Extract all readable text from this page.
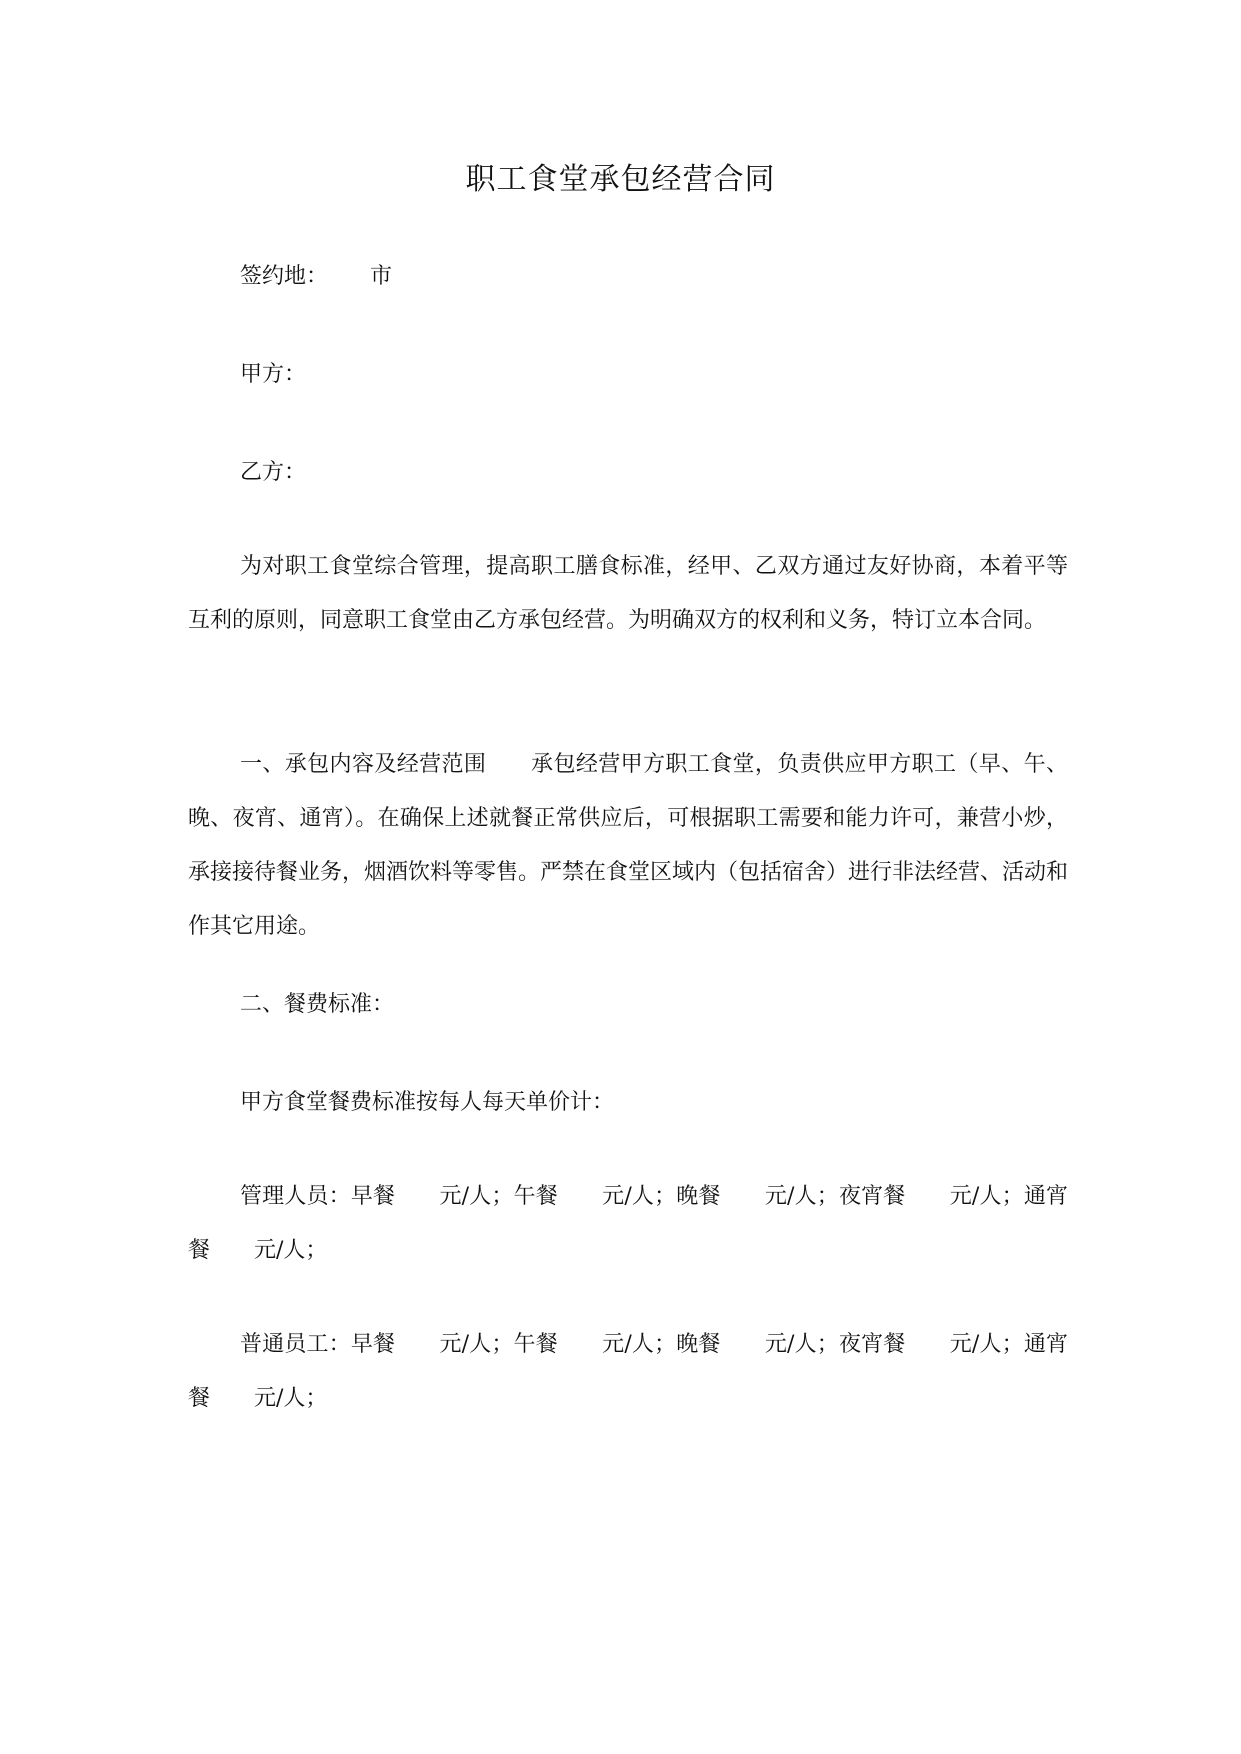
职工食堂承包经营合同
签约地：      市
甲方：
乙方：
为对职工食堂综合管理，提高职工膳食标准，经甲、乙双方通过友好协商，本着平等互利的原则，同意职工食堂由乙方承包经营。为明确双方的权利和义务，特订立本合同。
一、承包内容及经营范围　　承包经营甲方职工食堂，负责供应甲方职工（早、午、晚、夜宵、通宵）。在确保上述就餐正常供应后，可根据职工需要和能力许可，兼营小炒，承接接待餐业务，烟酒饮料等零售。严禁在食堂区域内（包括宿舍）进行非法经营、活动和作其它用途。
二、餐费标准：
甲方食堂餐费标准按每人每天单价计：
管理人员：早餐　　元/人；午餐　　元/人；晚餐　　元/人；夜宵餐　　元/人；通宵餐　　元/人；
普通员工：早餐　　元/人；午餐　　元/人；晚餐　　元/人；夜宵餐　　元/人；通宵餐　　元/人；
